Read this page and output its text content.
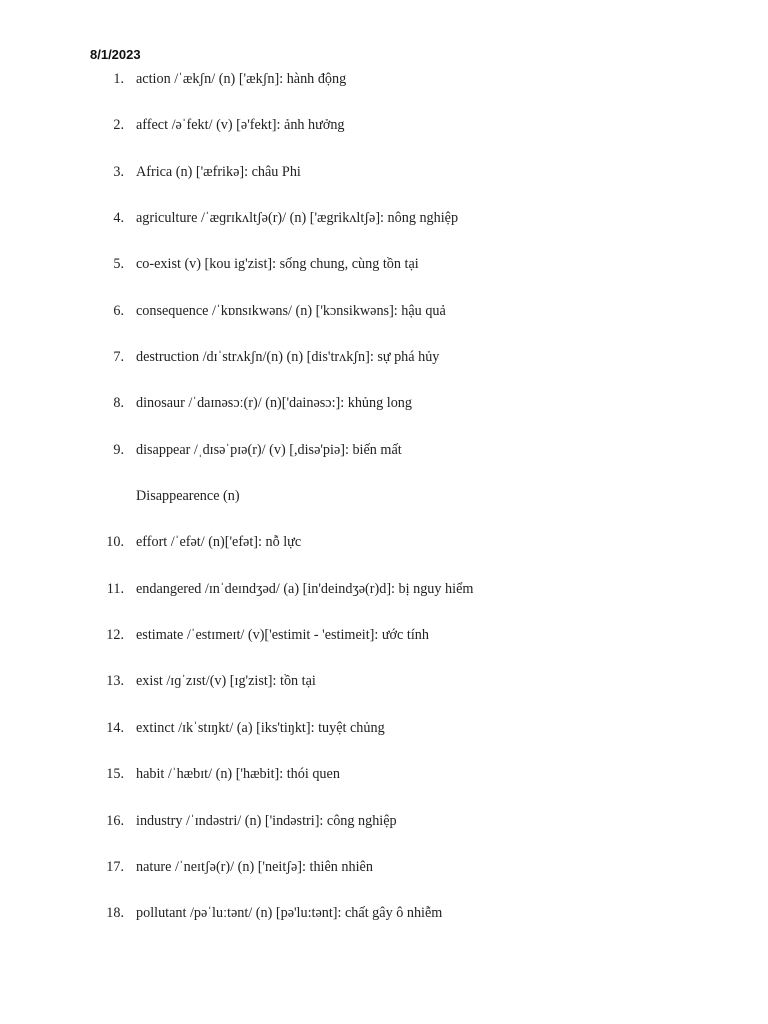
8/1/2023
1. action /ˈækʃn/ (n) ['ækʃn]: hành động
2. affect /əˈfekt/ (v) [ə'fekt]: ảnh hưởng
3. Africa (n) ['æfrikə]: châu Phi
4. agriculture /ˈæɡrɪkʌltʃə(r)/ (n) ['ægrikʌltʃə]: nông nghiệp
5. co-exist (v) [kou ig'zist]: sống chung, cùng tồn tại
6. consequence /ˈkɒnsɪkwəns/ (n) ['kɔnsikwəns]: hậu quả
7. destruction /dɪˈstrʌkʃn/(n) (n) [dis'trʌkʃn]: sự phá hủy
8. dinosaur /ˈdaɪnəsɔː(r)/ (n)['dainəsɔ:]: khủng long
9. disappear /ˌdɪsəˈpɪə(r)/ (v) [,disə'piə]: biến mất
Disappearence (n)
10. effort /ˈefət/ (n)['efət]: nỗ lực
11. endangered /ɪnˈdeɪndʒəd/ (a) [in'deindʒə(r)d]: bị nguy hiểm
12. estimate /ˈestɪmeɪt/ (v)['estimit - 'estimeit]: ước tính
13. exist /ɪɡˈzɪst/(v) [ɪg'zist]: tồn tại
14. extinct /ɪkˈstɪŋkt/ (a) [iks'tiŋkt]: tuyệt chủng
15. habit /ˈhæbɪt/ (n) ['hæbit]: thói quen
16. industry /ˈɪndəstri/ (n) ['indəstri]: công nghiệp
17. nature /ˈneɪtʃə(r)/ (n) ['neitʃə]: thiên nhiên
18. pollutant /pəˈluːtənt/ (n) [pə'lu:tənt]: chất gây ô nhiễm
